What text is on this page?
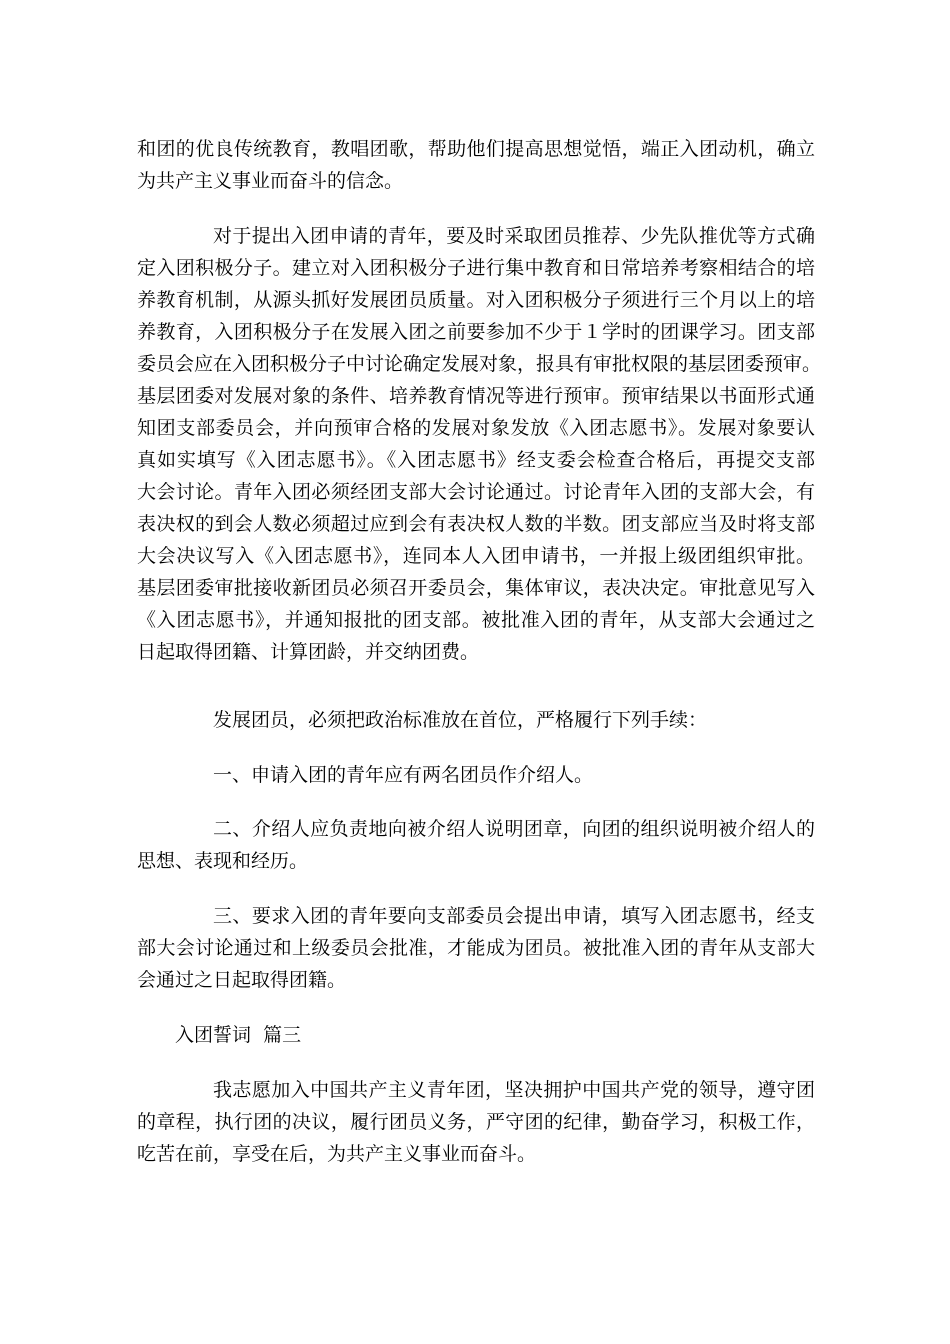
和团的优良传统教育，教唱团歌，帮助他们提高思想觉悟，端正入团动机，确立
为共产主义事业而奋斗的信念。

对于提出入团申请的青年，要及时采取团员推荐、少先队推优等方式确
定入团积极分子。建立对入团积极分子进行集中教育和日常培养考察相结合的培
养教育机制，从源头抓好发展团员质量。对入团积极分子须进行三个月以上的培
养教育，入团积极分子在发展入团之前要参加不少于１学时的团课学习。团支部
委员会应在入团积极分子中讨论确定发展对象，报具有审批权限的基层团委预审。
基层团委对发展对象的条件、培养教育情况等进行预审。预审结果以书面形式通
知团支部委员会，并向预审合格的发展对象发放《入团志愿书》。发展对象要认
真如实填写《入团志愿书》。《入团志愿书》经支委会检查合格后，再提交支部
大会讨论。青年入团必须经团支部大会讨论通过。讨论青年入团的支部大会，有
表决权的到会人数必须超过应到会有表决权人数的半数。团支部应当及时将支部
大会决议写入《入团志愿书》，连同本人入团申请书，一并报上级团组织审批。
基层团委审批接收新团员必须召开委员会，集体审议，表决决定。审批意见写入
《入团志愿书》，并通知报批的团支部。被批准入团的青年，从支部大会通过之
日起取得团籍、计算团龄，并交纳团费。

发展团员，必须把政治标准放在首位，严格履行下列手续：

一、申请入团的青年应有两名团员作介绍人。

二、介绍人应负责地向被介绍人说明团章，向团的组织说明被介绍人的
思想、表现和经历。

三、要求入团的青年要向支部委员会提出申请，填写入团志愿书，经支
部大会讨论通过和上级委员会批准，才能成为团员。被批准入团的青年从支部大
会通过之日起取得团籍。

入团誓词  篇三

我志愿加入中国共产主义青年团，坚决拥护中国共产党的领导，遵守团
的章程，执行团的决议，履行团员义务，严守团的纪律，勤奋学习，积极工作，
吃苦在前，享受在后，为共产主义事业而奋斗。
